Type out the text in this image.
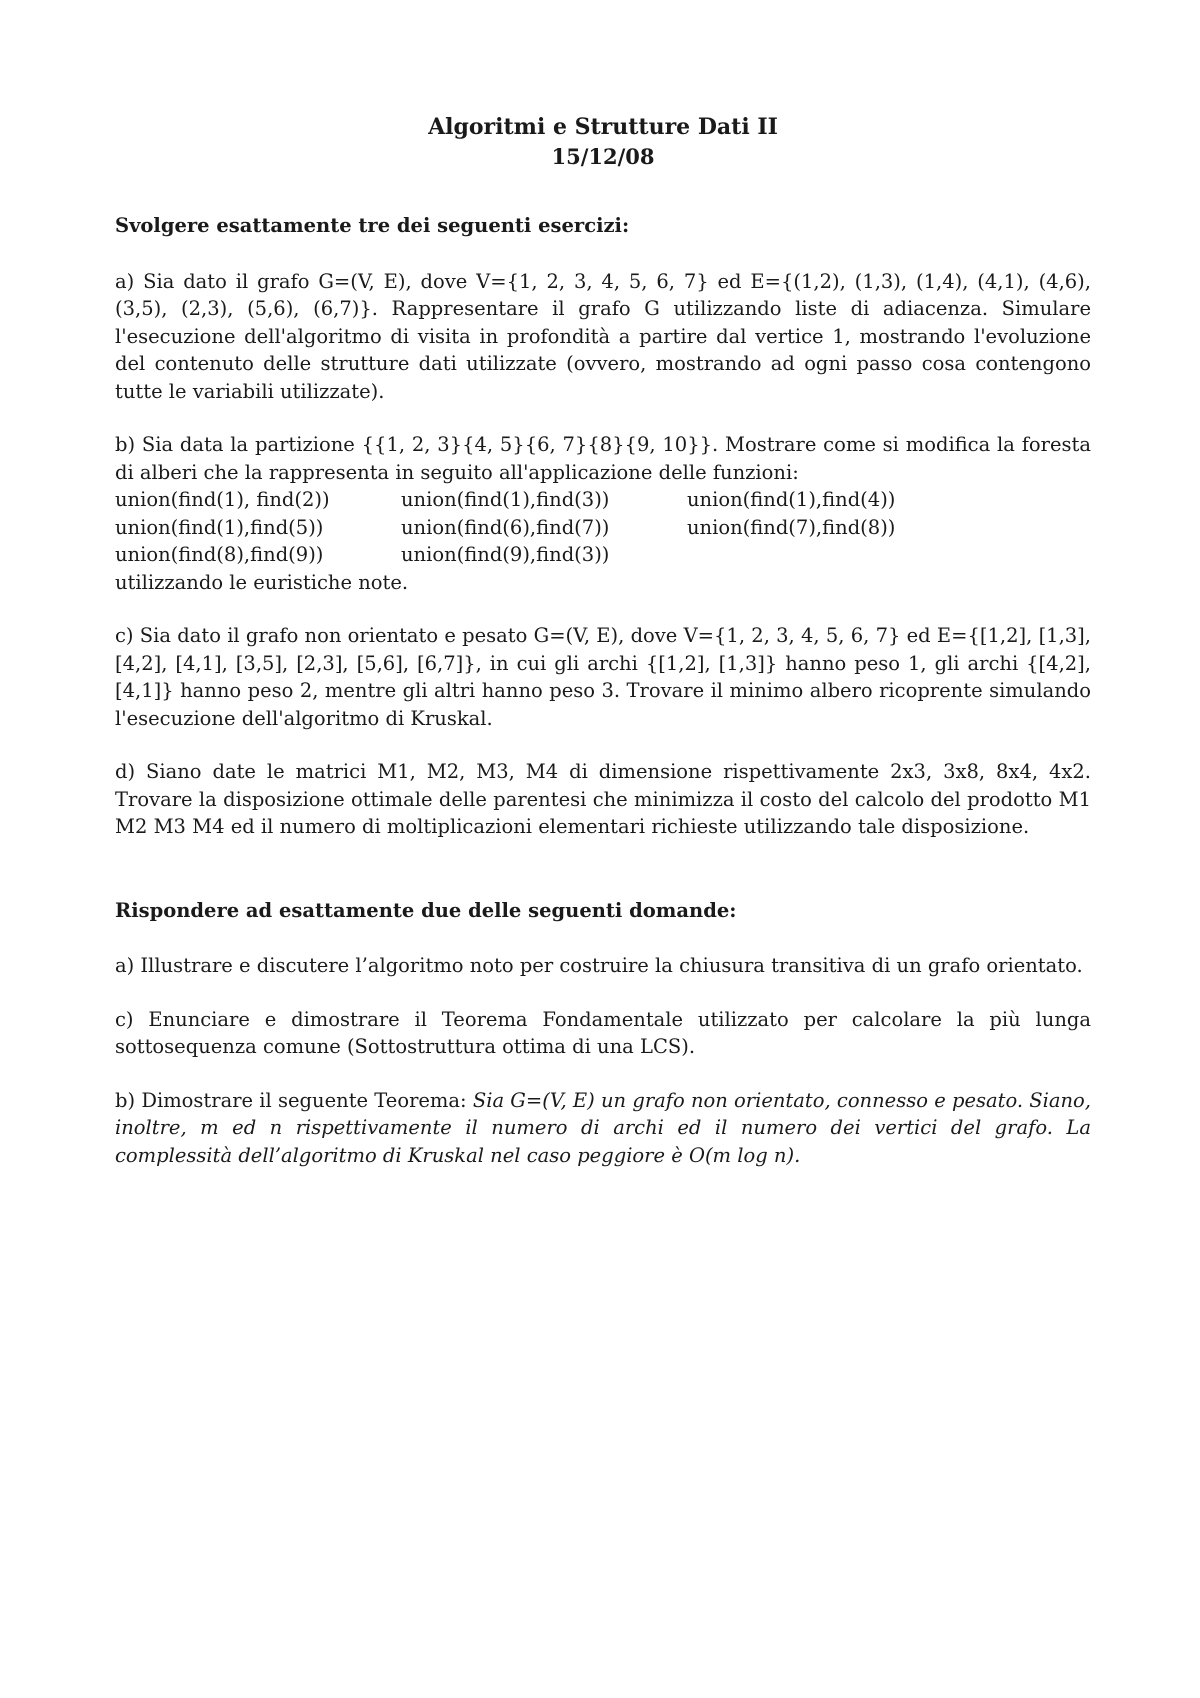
Algoritmi e Strutture Dati II
15/12/08
Svolgere esattamente tre dei seguenti esercizi:

a) Sia dato il grafo G=(V, E), dove V={1, 2, 3, 4, 5, 6, 7} ed E={(1,2), (1,3), (1,4), (4,1), (4,6), (3,5), (2,3), (5,6), (6,7)}. Rappresentare il grafo G utilizzando liste di adiacenza. Simulare l'esecuzione dell'algoritmo di visita in profondità a partire dal vertice 1, mostrando l'evoluzione del contenuto delle strutture dati utilizzate (ovvero, mostrando ad ogni passo cosa contengono tutte le variabili utilizzate).

b) Sia data la partizione {{1, 2, 3}{4, 5}{6, 7}{8}{9, 10}}. Mostrare come si modifica la foresta di alberi che la rappresenta in seguito all'applicazione delle funzioni:

union(find(1), find(2))	union(find(1),find(3))	union(find(1),find(4))
union(find(1),find(5))	union(find(6),find(7))	union(find(7),find(8))
union(find(8),find(9))	union(find(9),find(3))

utilizzando le euristiche note.

c) Sia dato il grafo non orientato e pesato G=(V, E), dove V={1, 2, 3, 4, 5, 6, 7} ed E={[1,2], [1,3], [4,2], [4,1], [3,5], [2,3], [5,6], [6,7]}, in cui gli archi {[1,2], [1,3]} hanno peso 1, gli archi {[4,2], [4,1]} hanno peso 2, mentre gli altri hanno peso 3. Trovare il minimo albero ricoprente simulando l'esecuzione dell'algoritmo di Kruskal.

d) Siano date le matrici M1, M2, M3, M4 di dimensione rispettivamente 2x3, 3x8, 8x4, 4x2. Trovare la disposizione ottimale delle parentesi che minimizza il costo del calcolo del prodotto M1 M2 M3 M4 ed il numero di moltiplicazioni elementari richieste utilizzando tale disposizione.

Rispondere ad esattamente due delle seguenti domande:

a) Illustrare e discutere l’algoritmo noto per costruire la chiusura transitiva di un grafo orientato.

c) Enunciare e dimostrare il Teorema Fondamentale utilizzato per calcolare la più lunga sottosequenza comune (Sottostruttura ottima di una LCS).

b) Dimostrare il seguente Teorema: Sia G=(V, E) un grafo non orientato, connesso e pesato. Siano, inoltre, m ed n rispettivamente il numero di archi ed il numero dei vertici del grafo. La complessità dell’algoritmo di Kruskal nel caso peggiore è O(m log n).
